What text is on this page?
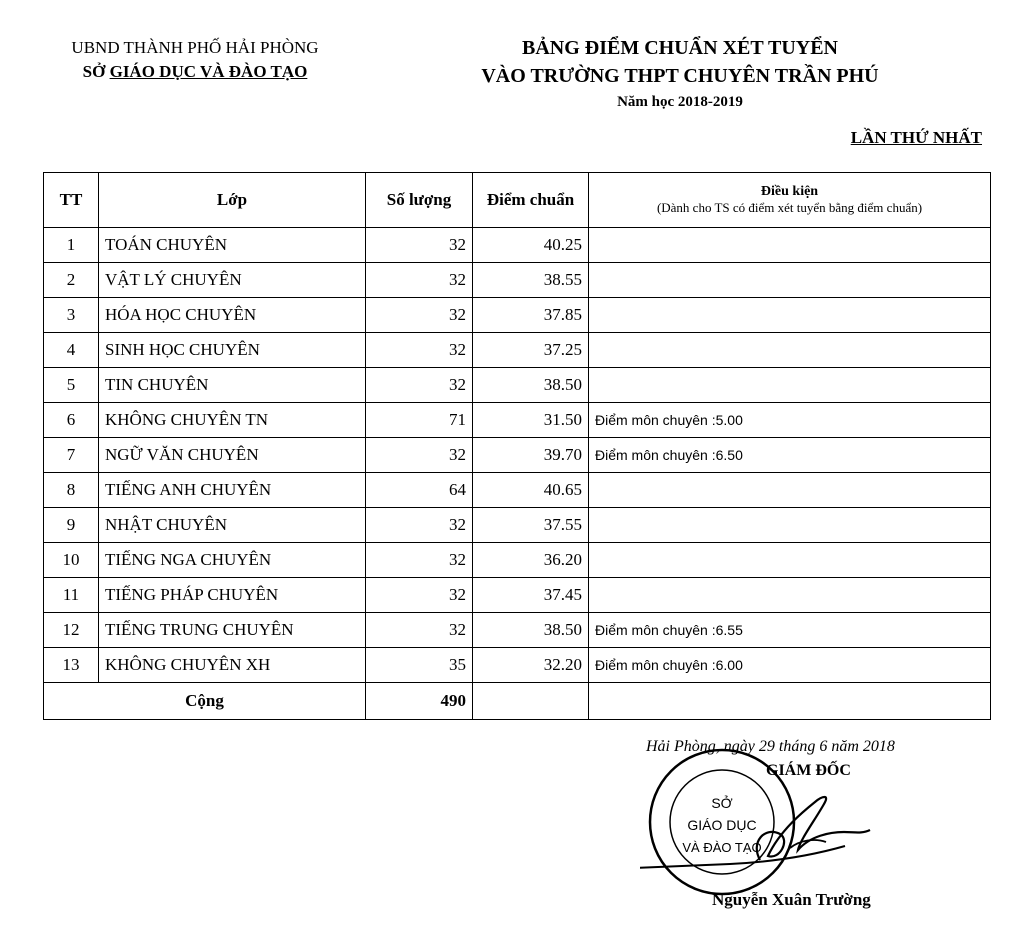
UBND THÀNH PHỐ HẢI PHÒNG
SỞ GIÁO DỤC VÀ ĐÀO TẠO
BẢNG ĐIỂM CHUẨN XÉT TUYỂN
VÀO TRƯỜNG THPT CHUYÊN TRẦN PHÚ
Năm học 2018-2019
LẦN THỨ NHẤT
TT	Lớp	Số lượng	Điểm chuẩn	Điều kiện
(Dành cho TS có điểm xét tuyển bằng điểm chuẩn)

1	TOÁN CHUYÊN	32	40.25	
2	VẬT LÝ CHUYÊN	32	38.55	
3	HÓA HỌC CHUYÊN	32	37.85	
4	SINH HỌC CHUYÊN	32	37.25	
5	TIN CHUYÊN	32	38.50	
6	KHÔNG CHUYÊN TN	71	31.50	Điểm môn chuyên :5.00
7	NGỮ VĂN CHUYÊN	32	39.70	Điểm môn chuyên :6.50
8	TIẾNG ANH CHUYÊN	64	40.65	
9	NHẬT CHUYÊN	32	37.55	
10	TIẾNG NGA CHUYÊN	32	36.20	
11	TIẾNG PHÁP CHUYÊN	32	37.45	
12	TIẾNG TRUNG CHUYÊN	32	38.50	Điểm môn chuyên :6.55
13	KHÔNG CHUYÊN XH	35	32.20	Điểm môn chuyên :6.00
Cộng		490		
SỞ
GIÁO DỤC
VÀ ĐÀO TẠO
Hải Phòng, ngày 29 tháng 6 năm 2018
GIÁM ĐỐC
Nguyễn Xuân Trường
